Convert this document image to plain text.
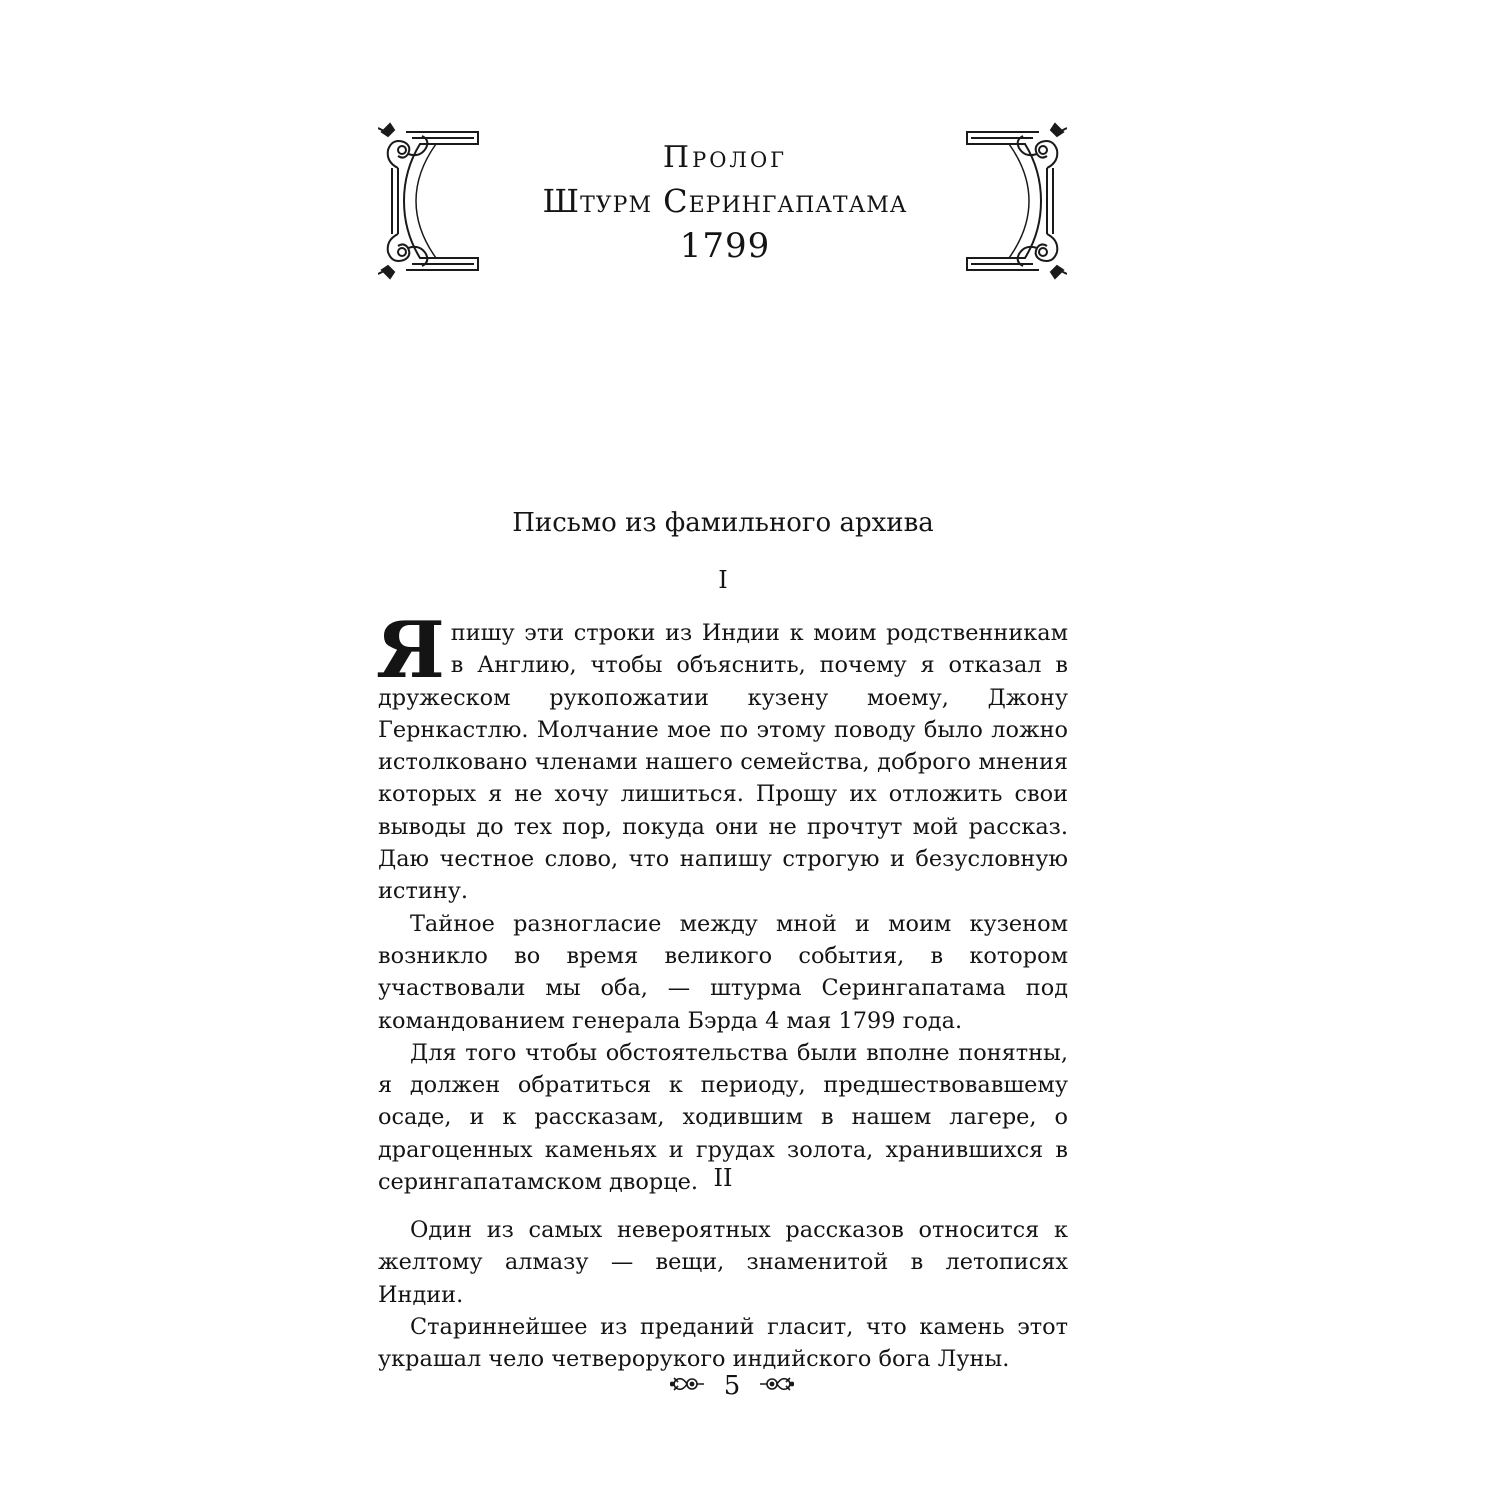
Пролог
Штурм Серингапатама
1799
Письмо из фамильного архива
I

Я пишу эти строки из Индии к моим родственникам в Англию, чтобы объяснить, почему я отказал в дружеском рукопожатии кузену моему, Джону Гернкастлю. Молчание мое по этому поводу было ложно истолковано членами нашего семейства, доброго мнения которых я не хочу лишиться. Прошу их отложить свои выводы до тех пор, покуда они не прочтут мой рассказ. Даю честное слово, что напишу строгую и безусловную истину.

Тайное разногласие между мной и моим кузеном возникло во время великого события, в котором участвовали мы оба, — штурма Серингапатама под командованием генерала Бэрда 4 мая 1799 года.

Для того чтобы обстоятельства были вполне понятны, я должен обратиться к периоду, предшествовавшему осаде, и к рассказам, ходившим в нашем лагере, о драгоценных каменьях и грудах золота, хранившихся в серингапатамском дворце. II

Один из самых невероятных рассказов относится к желтому алмазу — вещи, знаменитой в летописях Индии.

Стариннейшее из преданий гласит, что камень этот украшал чело четверорукого индийского бога Луны.

5
